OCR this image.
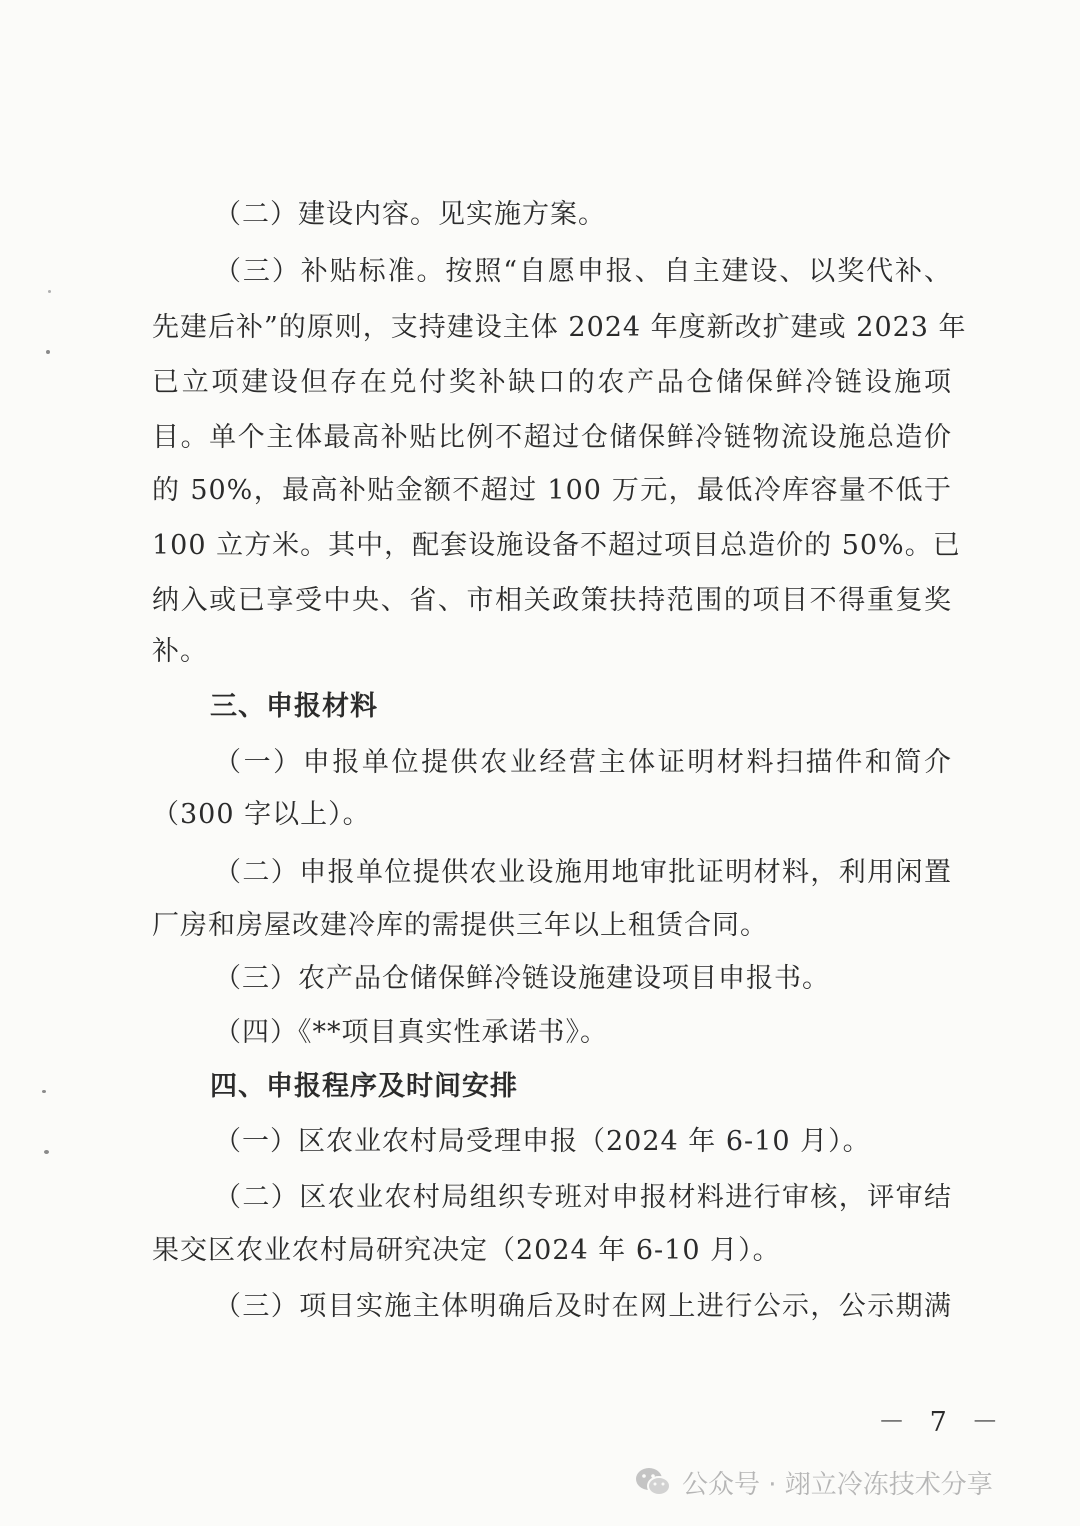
（二）建设内容。见实施方案。
（三）补贴标准。按照“自愿申报、自主建设、以奖代补、
先建后补”的原则，支持建设主体 2024 年度新改扩建或 2023 年
已立项建设但存在兑付奖补缺口的农产品仓储保鲜冷链设施项
目。单个主体最高补贴比例不超过仓储保鲜冷链物流设施总造价
的 50%，最高补贴金额不超过 100 万元，最低冷库容量不低于
100 立方米。其中，配套设施设备不超过项目总造价的 50%。已
纳入或已享受中央、省、市相关政策扶持范围的项目不得重复奖
补。
三、申报材料
（一）申报单位提供农业经营主体证明材料扫描件和简介
（300 字以上）。
（二）申报单位提供农业设施用地审批证明材料，利用闲置
厂房和房屋改建冷库的需提供三年以上租赁合同。
（三）农产品仓储保鲜冷链设施建设项目申报书。
（四）《**项目真实性承诺书》。
四、申报程序及时间安排
（一）区农业农村局受理申报（2024 年 6-10 月）。
（二）区农业农村局组织专班对申报材料进行审核，评审结
果交区农业农村局研究决定（2024 年 6-10 月）。
（三）项目实施主体明确后及时在网上进行公示，公示期满
－ 7 －
公众号 · 翊立冷冻技术分享
